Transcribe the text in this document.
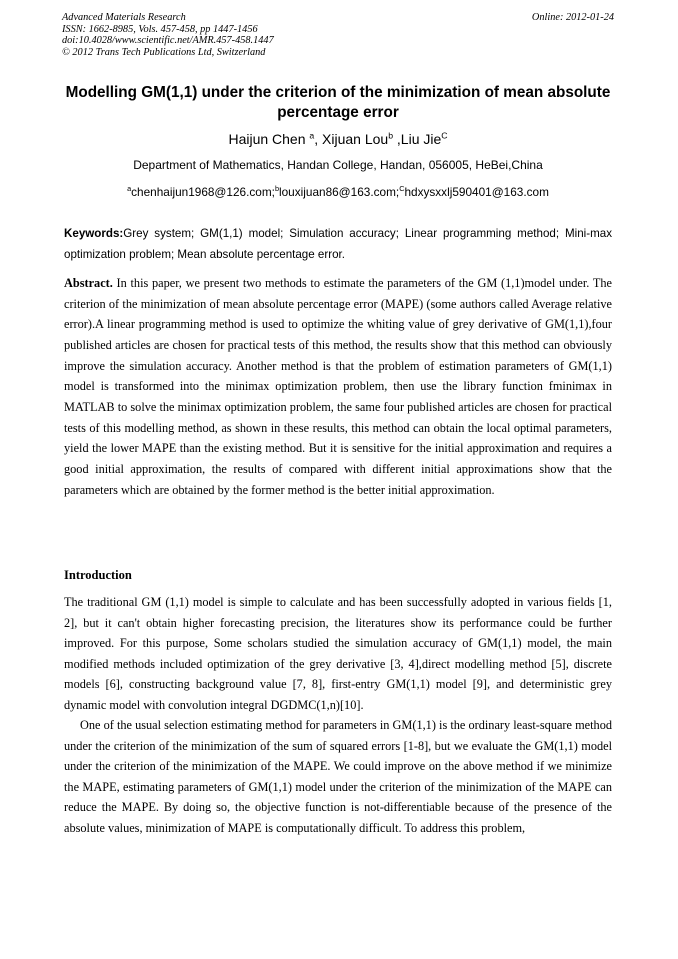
Advanced Materials Research
ISSN: 1662-8985, Vols. 457-458, pp 1447-1456
doi:10.4028/www.scientific.net/AMR.457-458.1447
© 2012 Trans Tech Publications Ltd, Switzerland
Online: 2012-01-24
Modelling GM(1,1) under the criterion of the minimization of mean absolute percentage error
Haijun Chen $^a$, Xijuan Lou$^b$ ,Liu Jie$^C$
Department of Mathematics, Handan College, Handan, 056005, HeBei,China
$^a$chenhaijun1968@126.com;$^b$louxijuan86@163.com;$^C$hdxysxxlj590401@163.com
Keywords:Grey system; GM(1,1) model; Simulation accuracy; Linear programming method; Mini-max optimization problem; Mean absolute percentage error.
Abstract. In this paper, we present two methods to estimate the parameters of the GM (1,1)model under. The criterion of the minimization of mean absolute percentage error (MAPE) (some authors called Average relative error).A linear programming method is used to optimize the whiting value of grey derivative of GM(1,1),four published articles are chosen for practical tests of this method, the results show that this method can obviously improve the simulation accuracy. Another method is that the problem of estimation parameters of GM(1,1) model is transformed into the minimax optimization problem, then use the library function fminimax in MATLAB to solve the minimax optimization problem, the same four published articles are chosen for practical tests of this modelling method, as shown in these results, this method can obtain the local optimal parameters, yield the lower MAPE than the existing method. But it is sensitive for the initial approximation and requires a good initial approximation, the results of compared with different initial approximations show that the parameters which are obtained by the former method is the better initial approximation.
Introduction

The traditional GM (1,1) model is simple to calculate and has been successfully adopted in various fields [1, 2], but it can't obtain higher forecasting precision, the literatures show its performance could be further improved. For this purpose, Some scholars studied the simulation accuracy of GM(1,1) model, the main modified methods included optimization of the grey derivative [3, 4],direct modelling method [5], discrete models [6], constructing background value [7, 8], first-entry GM(1,1) model [9], and deterministic grey dynamic model with convolution integral DGDMC(1,n)[10].

One of the usual selection estimating method for parameters in GM(1,1) is the ordinary least-square method under the criterion of the minimization of the sum of squared errors [1-8], but we evaluate the GM(1,1) model under the criterion of the minimization of the MAPE. We could improve on the above method if we minimize the MAPE, estimating parameters of GM(1,1) model under the criterion of the minimization of the MAPE can reduce the MAPE. By doing so, the objective function is not-differentiable because of the presence of the absolute values, minimization of MAPE is computationally difficult. To address this problem,
